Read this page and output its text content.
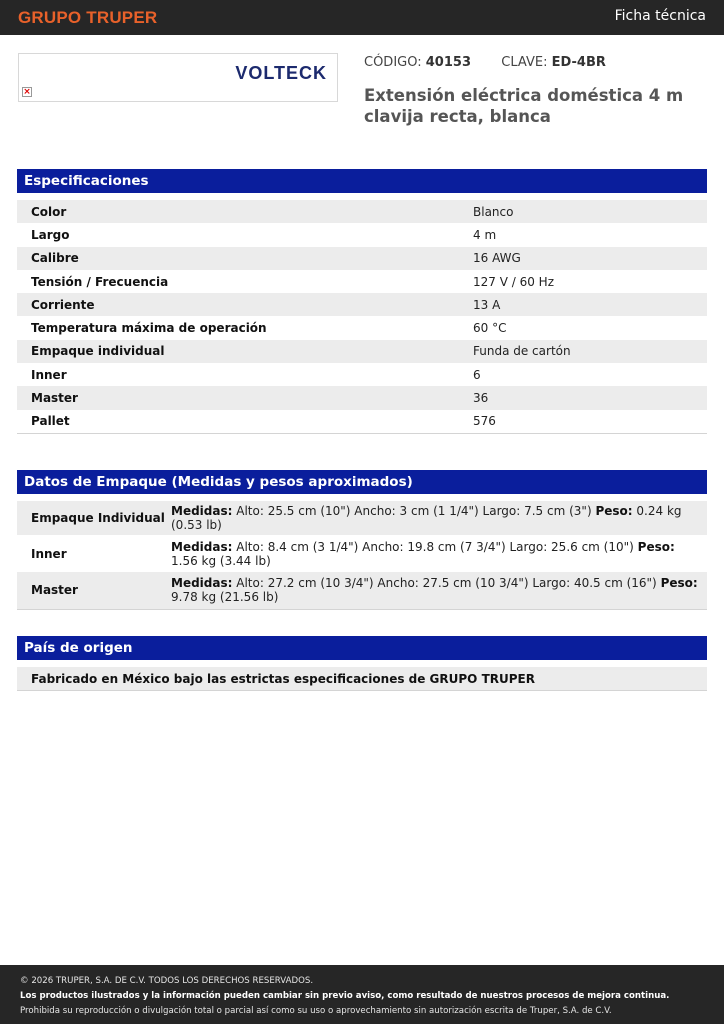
GRUPO TRUPER	Ficha técnica
VOLTECK
×
CÓDIGO: 40153 CLAVE: ED-4BR
Extensión eléctrica doméstica 4 m clavija recta, blanca
Especificaciones
Color	Blanco
Largo	4 m
Calibre	16 AWG
Tensión / Frecuencia	127 V / 60 Hz
Corriente	13 A
Temperatura máxima de operación	60 °C
Empaque individual	Funda de cartón
Inner	6
Master	36
Pallet	576
Datos de Empaque (Medidas y pesos aproximados)
Empaque Individual	Medidas: Alto: 25.5 cm (10") Ancho: 3 cm (1 1/4") Largo: 7.5 cm (3") Peso: 0.24 kg (0.53 lb)
Inner	Medidas: Alto: 8.4 cm (3 1/4") Ancho: 19.8 cm (7 3/4") Largo: 25.6 cm (10") Peso: 1.56 kg (3.44 lb)
Master	Medidas: Alto: 27.2 cm (10 3/4") Ancho: 27.5 cm (10 3/4") Largo: 40.5 cm (16") Peso: 9.78 kg (21.56 lb)
País de origen
Fabricado en México bajo las estrictas especificaciones de GRUPO TRUPER
© 2026 TRUPER, S.A. DE C.V. TODOS LOS DERECHOS RESERVADOS.
Los productos ilustrados y la información pueden cambiar sin previo aviso, como resultado de nuestros procesos de mejora continua.
Prohibida su reproducción o divulgación total o parcial así como su uso o aprovechamiento sin autorización escrita de Truper, S.A. de C.V.
